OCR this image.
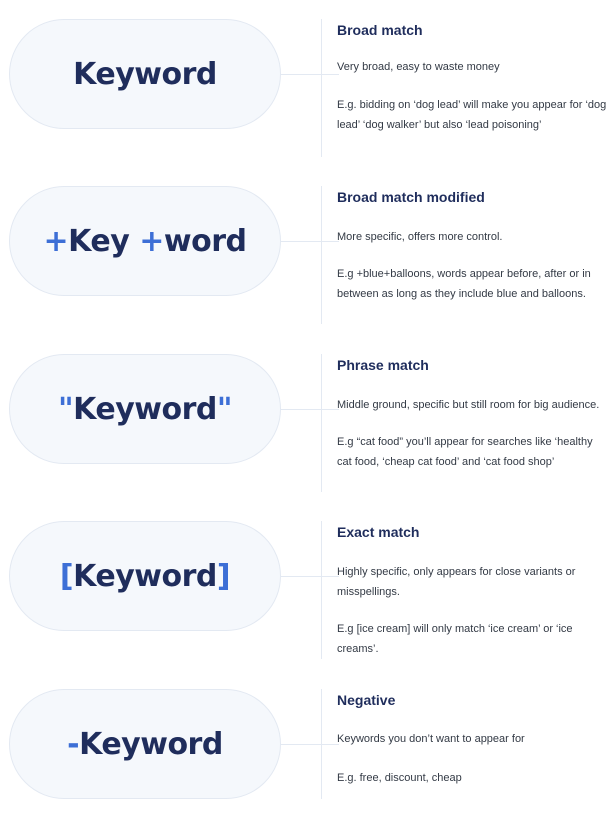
Keyword

Broad match

Very broad, easy to waste money

E.g. bidding on ‘dog lead’ will make you appear for ‘dog lead’ ‘dog walker’ but also ‘lead poisoning’

+ Key + word

Broad match modified

More specific, offers more control.

E.g +blue+balloons, words appear before, after or in between as long as they include blue and balloons.

" Keyword "

Phrase match

Middle ground, specific but still room for big audience.

E.g “cat food” you’ll appear for searches like ‘healthy cat food, ‘cheap cat food’ and ‘cat food shop’

[ Keyword ]

Exact match

Highly specific, only appears for close variants or misspellings.

E.g [ice cream] will only match ‘ice cream’ or ‘ice creams’.

- Keyword

Negative

Keywords you don’t want to appear for

E.g. free, discount, cheap
